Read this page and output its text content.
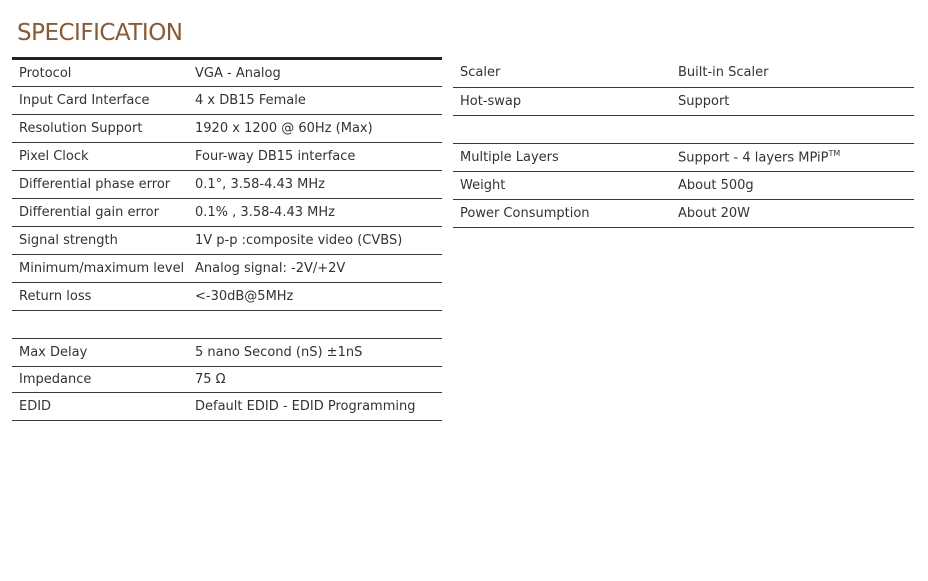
SPECIFICATION
Protocol	VGA - Analog
Input Card Interface	4 x DB15 Female
Resolution Support	1920 x 1200 @ 60Hz (Max)
Pixel Clock	Four-way DB15 interface
Differential phase error	0.1°, 3.58-4.43 MHz
Differential gain error	0.1% , 3.58-4.43 MHz
Signal strength	1V p-p :composite video (CVBS)
Minimum/maximum level	Analog signal: -2V/+2V
Return loss	<-30dB@5MHz

Max Delay	5 nano Second (nS) ±1nS
Impedance	75 Ω
EDID	Default EDID - EDID Programming
Scaler	Built-in Scaler
Hot-swap	Support

Multiple Layers	Support - 4 layers MPiP™
Weight	About 500g
Power Consumption	About 20W
